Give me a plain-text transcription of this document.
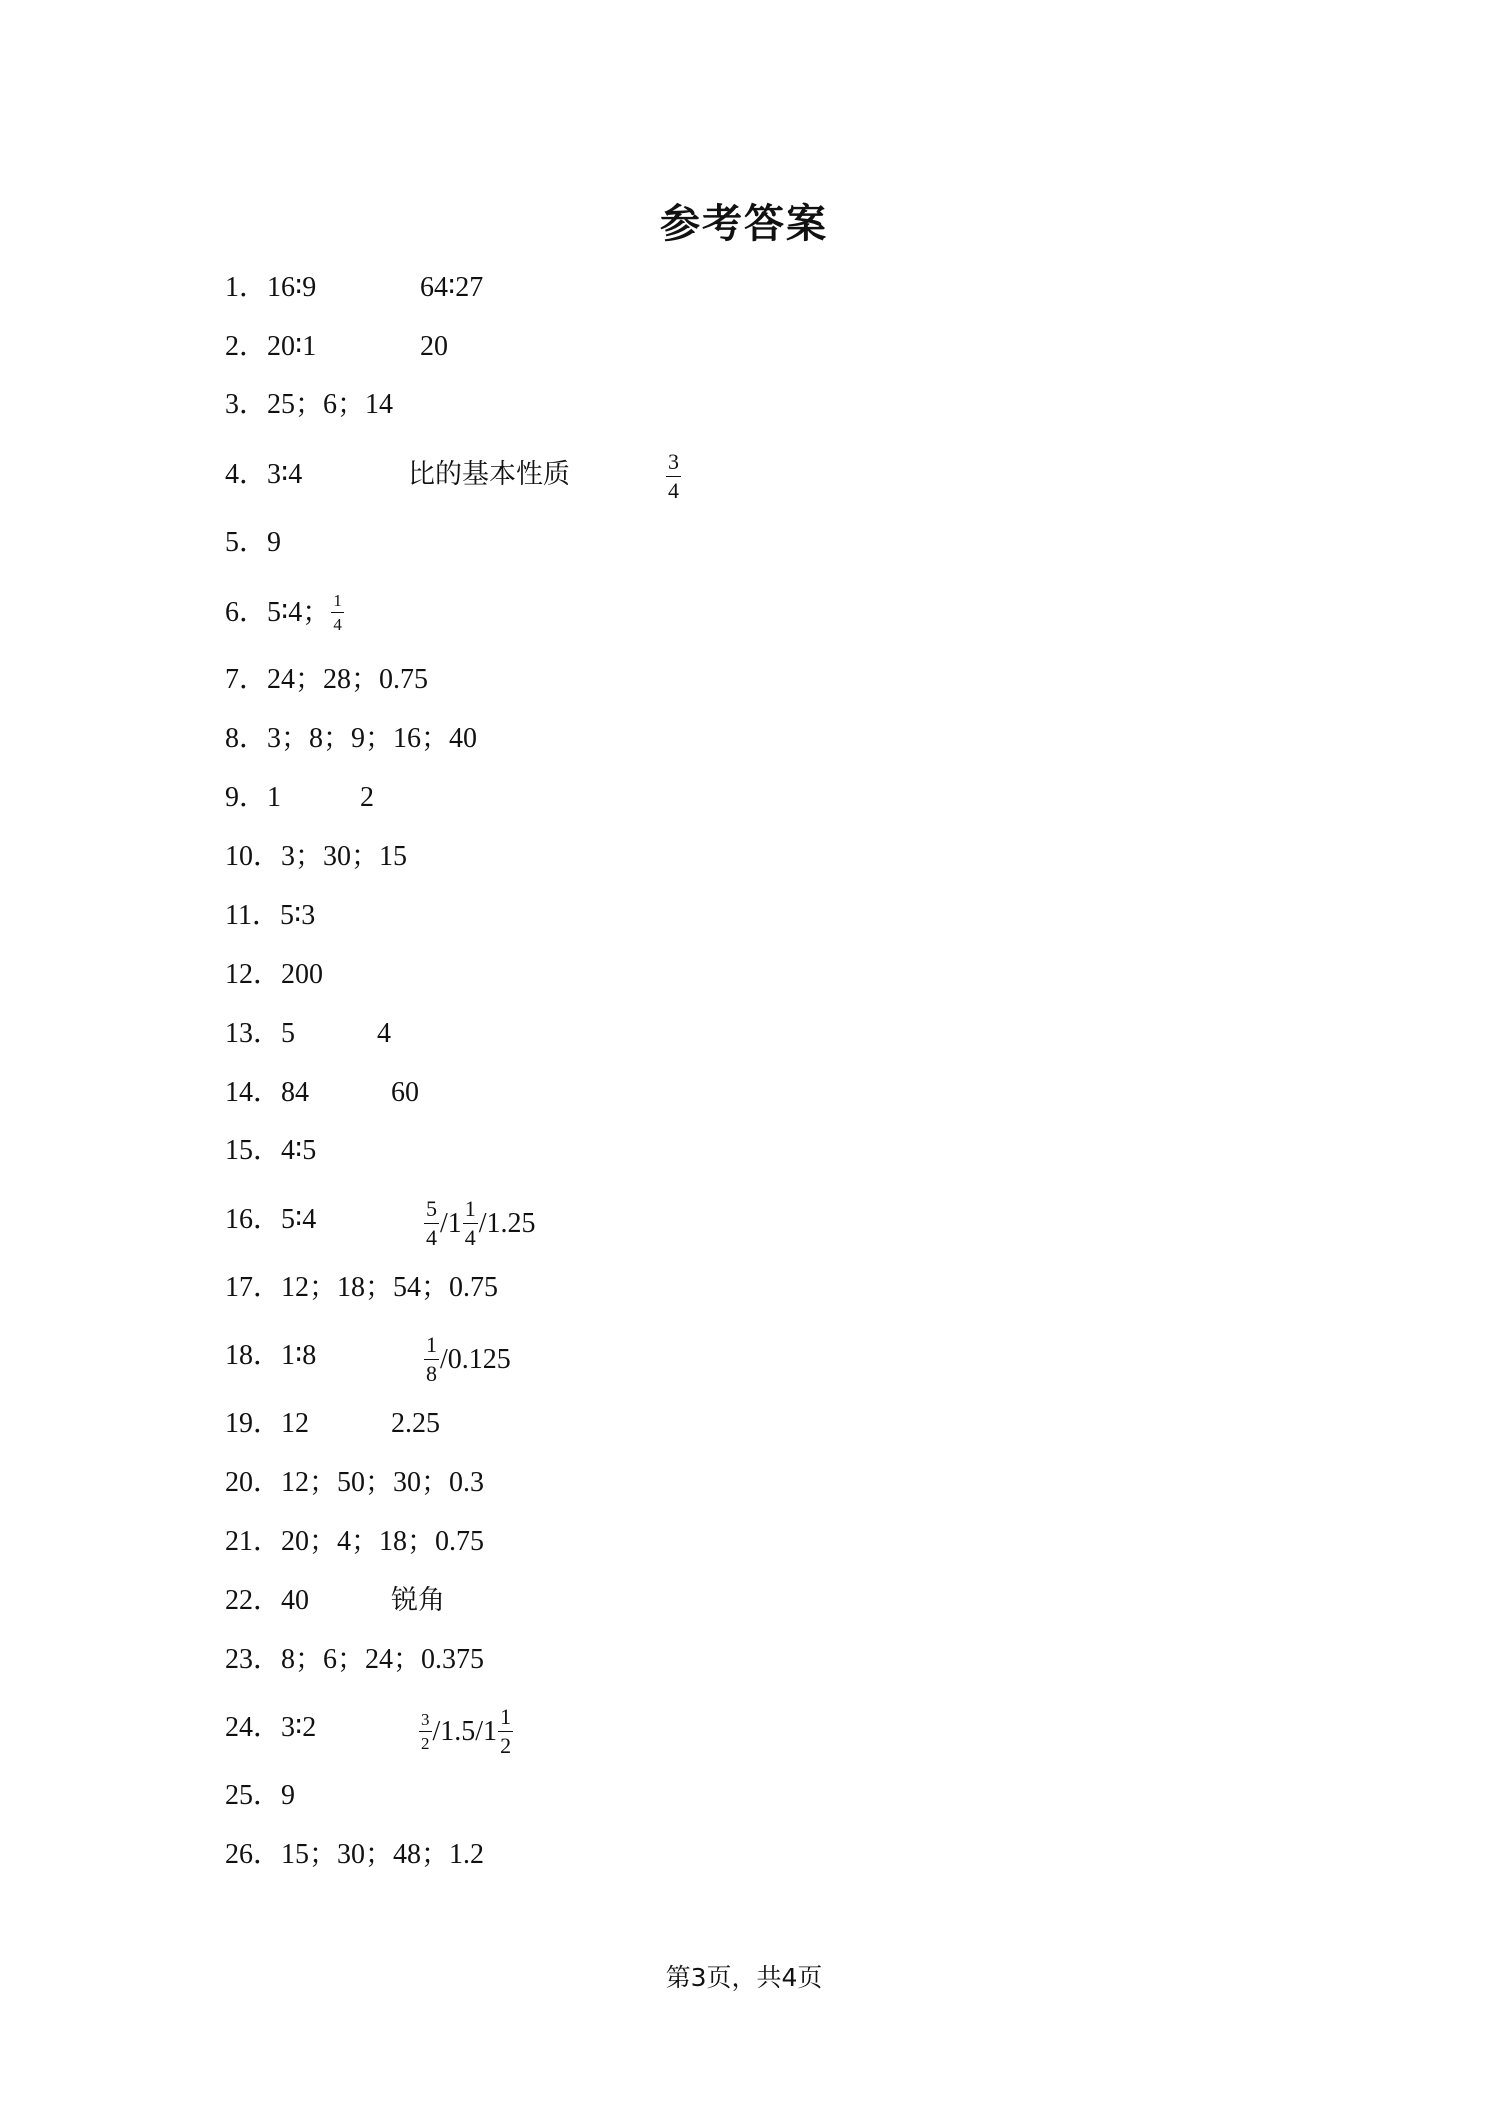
参考答案
1．16∶9	64∶27
2．20∶1	20
3．25；6；14
4．3∶4	比的基本性质	$\frac{3}{4}$
5．9
6．5∶4； $\frac{1}{4}$
7．24；28；0.75
8．3；8；9；16；40
9．1	2
10．3；30；15
11．5∶3
12．200
13．5	4
14．84	60
15．4∶5
16．5∶4	$\frac{5}{4} /1 \frac{1}{4} /1.25$
17．12；18；54；0.75
18．1∶8	$\frac{1}{8} /0.125$
19．12	2.25
20．12；50；30；0.3
21．20；4；18；0.75
22．40	锐角
23．8；6；24；0.375
24．3∶2	$\frac{3}{2} /1.5/1 \frac{1}{2}$
25．9
26．15；30；48；1.2
第3页，共4页
